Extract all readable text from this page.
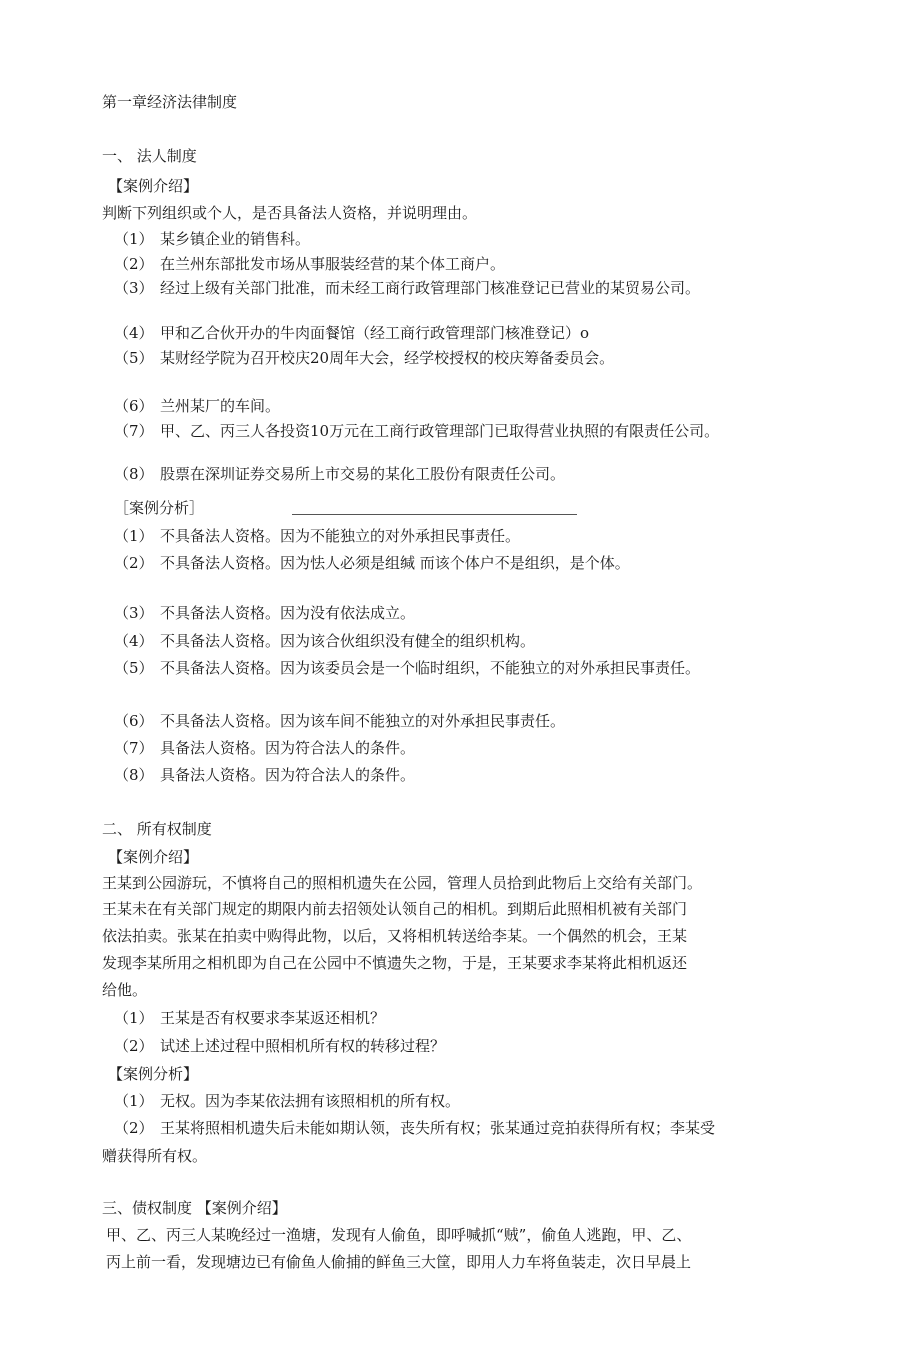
第一章经济法律制度
一、 法人制度
【案例介绍】
判断下列组织或个人，是否具备法人资格，并说明理由。
（1） 某乡镇企业的销售科。
（2） 在兰州东部批发市场从事服装经营的某个体工商户。
（3） 经过上级有关部门批准，而未经工商行政管理部门核准登记已营业的某贸易公司。
（4） 甲和乙合伙开办的牛肉面餐馆（经工商行政管理部门核准登记）o
（5） 某财经学院为召开校庆20周年大会，经学校授权的校庆筹备委员会。
（6） 兰州某厂的车间。
（7） 甲、乙、丙三人各投资10万元在工商行政管理部门已取得营业执照的有限责任公司。
（8） 股票在深圳证券交易所上市交易的某化工股份有限责任公司。
［案例分析］
（1） 不具备法人资格。因为不能独立的对外承担民事责任。
（2） 不具备法人资格。因为怯人必须是组缄 而该个体户不是组织，是个体。
（3） 不具备法人资格。因为没有依法成立。
（4） 不具备法人资格。因为该合伙组织没有健全的组织机构。
（5） 不具备法人资格。因为该委员会是一个临时组织，不能独立的对外承担民事责任。
（6） 不具备法人资格。因为该车间不能独立的对外承担民事责任。
（7） 具备法人资格。因为符合法人的条件。
（8） 具备法人资格。因为符合法人的条件。
二、 所有权制度
【案例介绍】
王某到公园游玩，不慎将自己的照相机遗失在公园，管理人员拾到此物后上交给有关部门。
王某未在有关部门规定的期限内前去招领处认领自己的相机。到期后此照相机被有关部门
依法拍卖。张某在拍卖中购得此物，以后，又将相机转送给李某。一个偶然的机会，王某
发现李某所用之相机即为自己在公园中不慎遗失之物，于是，王某要求李某将此相机返还
给他。
（1） 王某是否有权要求李某返还相机？
（2） 试述上述过程中照相机所有权的转移过程？
【案例分析】
（1） 无权。因为李某依法拥有该照相机的所有权。
（2） 王某将照相机遗失后未能如期认领，丧失所有权；张某通过竞拍获得所有权；李某受
赠获得所有权。
三、债权制度 【案例介绍】
甲、乙、丙三人某晚经过一渔塘，发现有人偷鱼，即呼喊抓“贼”，偷鱼人逃跑，甲、乙、
丙上前一看，发现塘边已有偷鱼人偷捕的鲜鱼三大筐，即用人力车将鱼装走，次日早晨上
